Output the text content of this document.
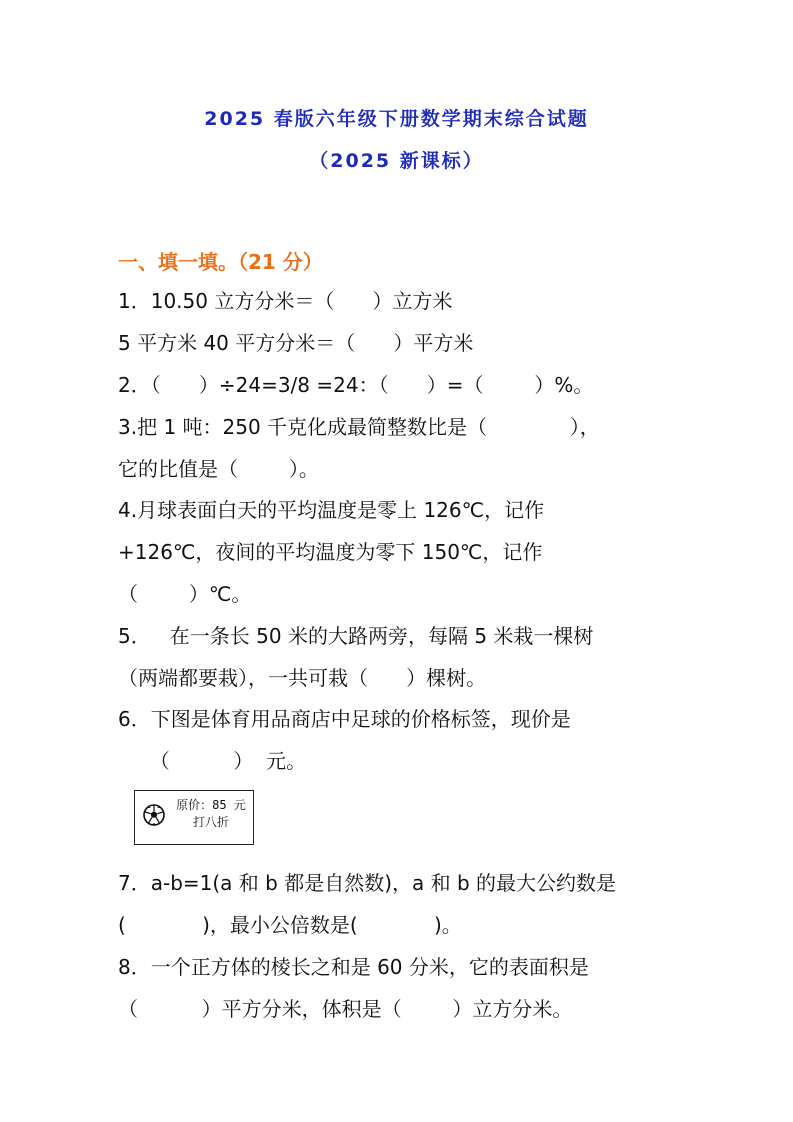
2025 春版六年级下册数学期末综合试题
（2025 新课标）
一、填一填。（21 分）
1．10.50 立方分米＝（      ）立方米
5 平方米 40 平方分米＝（      ）平方米
2．（      ）÷24=3/8 =24：（      ）=（        ）%。
3.把 1 吨：250 千克化成最简整数比是（             ），
它的比值是（        ）。
4.月球表面白天的平均温度是零上 126℃，记作
+126℃，夜间的平均温度为零下 150℃，记作
（        ）℃。
5．   在一条长 50 米的大路两旁，每隔 5 米栽一棵树
（两端都要栽），一共可栽（      ）棵树。
6．下图是体育用品商店中足球的价格标签，现价是
（          ）  元。
原价：85 元
打八折
7．a-b=1(a 和 b 都是自然数)，a 和 b 的最大公约数是
(            )，最小公倍数是(            )。
8．一个正方体的棱长之和是 60 分米，它的表面积是
（          ）平方分米，体积是（        ）立方分米。
